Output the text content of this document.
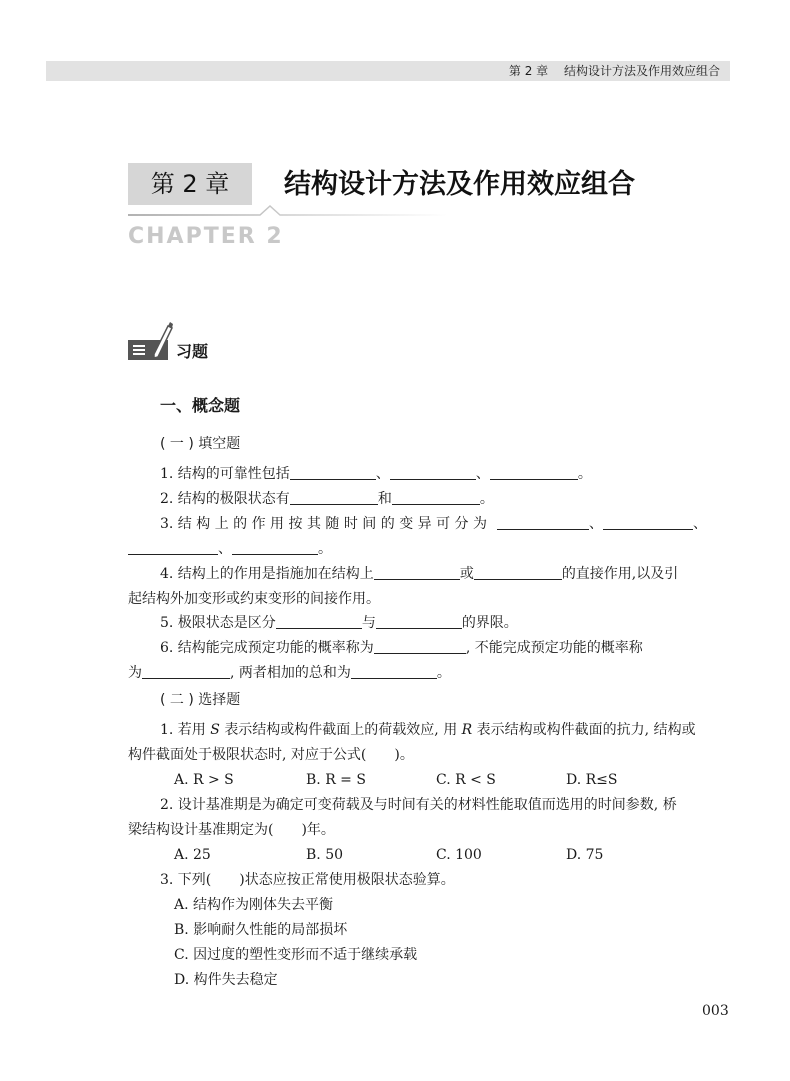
第 2 章 结构设计方法及作用效应组合
第 2 章	结构设计方法及作用效应组合
CHAPTER 2
习题
一、概念题
( 一 ) 填空题
1. 结构的可靠性包括	、	、	。
2. 结构的极限状态有	和	。
3. 结 构 上 的 作 用 按 其 随 时 间 的 变 异 可 分 为	、	、
、	。
4. 结构上的作用是指施加在结构上	或	的直接作用,以及引
起结构外加变形或约束变形的间接作用。
5. 极限状态是区分	与	的界限。
6. 结构能完成预定功能的概率称为	, 不能完成预定功能的概率称
为	, 两者相加的总和为	。
( 二 ) 选择题
1. 若用 S 表示结构或构件截面上的荷载效应, 用 R 表示结构或构件截面的抗力, 结构或
构件截面处于极限状态时, 对应于公式(　　)。
A. R > S	B. R = S	C. R < S	D. R≤S
2. 设计基准期是为确定可变荷载及与时间有关的材料性能取值而选用的时间参数, 桥
梁结构设计基准期定为(　　)年。
A. 25	B. 50	C. 100	D. 75
3. 下列(　　)状态应按正常使用极限状态验算。
A. 结构作为刚体失去平衡
B. 影响耐久性能的局部损坏
C. 因过度的塑性变形而不适于继续承载
D. 构件失去稳定
003
